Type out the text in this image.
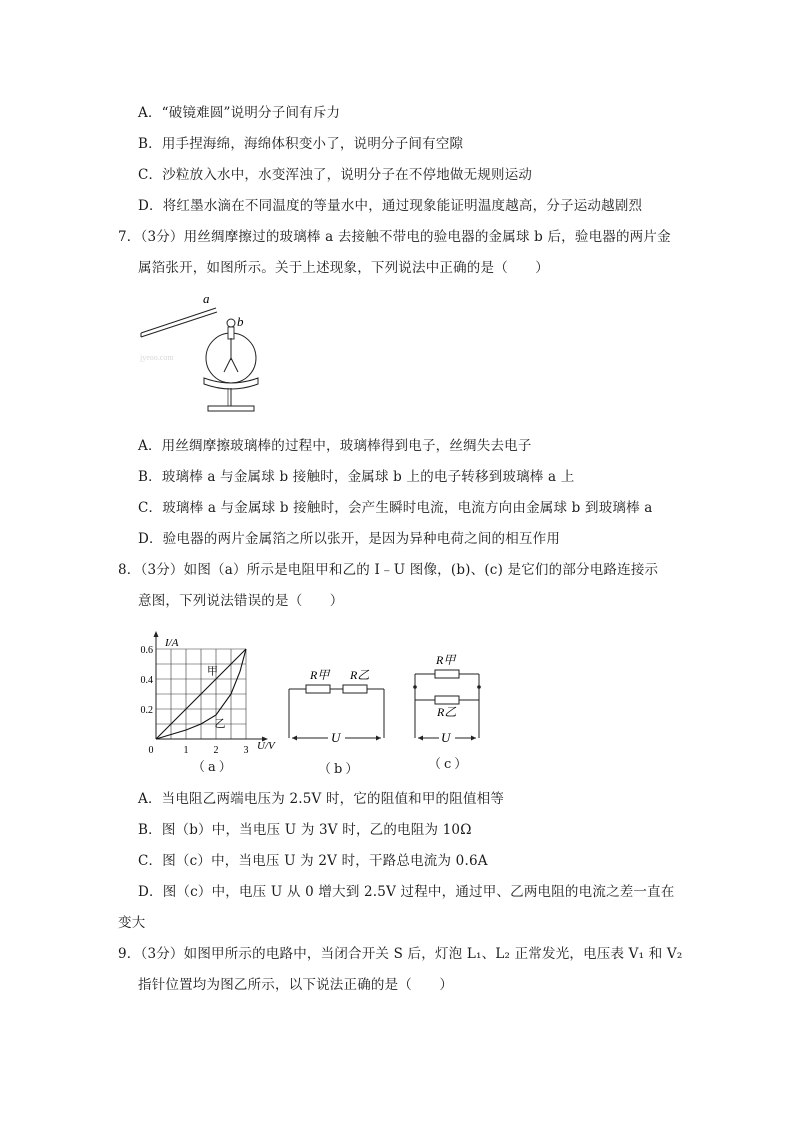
A．“破镜难圆”说明分子间有斥力
B．用手捏海绵，海绵体积变小了，说明分子间有空隙
C．沙粒放入水中，水变浑浊了，说明分子在不停地做无规则运动
D．将红墨水滴在不同温度的等量水中，通过现象能证明温度越高，分子运动越剧烈
7．（3分）用丝绸摩擦过的玻璃棒 a 去接触不带电的验电器的金属球 b 后，验电器的两片金
属箔张开，如图所示。关于上述现象，下列说法中正确的是（　　）
a
b
jyeoo.com
A．用丝绸摩擦玻璃棒的过程中，玻璃棒得到电子，丝绸失去电子
B．玻璃棒 a 与金属球 b 接触时，金属球 b 上的电子转移到玻璃棒 a 上
C．玻璃棒 a 与金属球 b 接触时，会产生瞬时电流，电流方向由金属球 b 到玻璃棒 a
D．验电器的两片金属箔之所以张开，是因为异种电荷之间的相互作用
8．（3分）如图（a）所示是电阻甲和乙的 I﹣U 图像，(b)、(c) 是它们的部分电路连接示
意图，下列说法错误的是（　　）
I/A
U/V
0	1	2	3
0.2
0.4
0.6
甲
乙
R甲 R乙
U
R甲
R乙
U
（a）	（b）	（c）
A．当电阻乙两端电压为 2.5V 时，它的阻值和甲的阻值相等
B．图（b）中，当电压 U 为 3V 时，乙的电阻为 10Ω
C．图（c）中，当电压 U 为 2V 时，干路总电流为 0.6A
D．图（c）中，电压 U 从 0 增大到 2.5V 过程中，通过甲、乙两电阻的电流之差一直在
变大
9．（3分）如图甲所示的电路中，当闭合开关 S 后，灯泡 L₁、L₂ 正常发光，电压表 V₁ 和 V₂
指针位置均为图乙所示，以下说法正确的是（　　）
